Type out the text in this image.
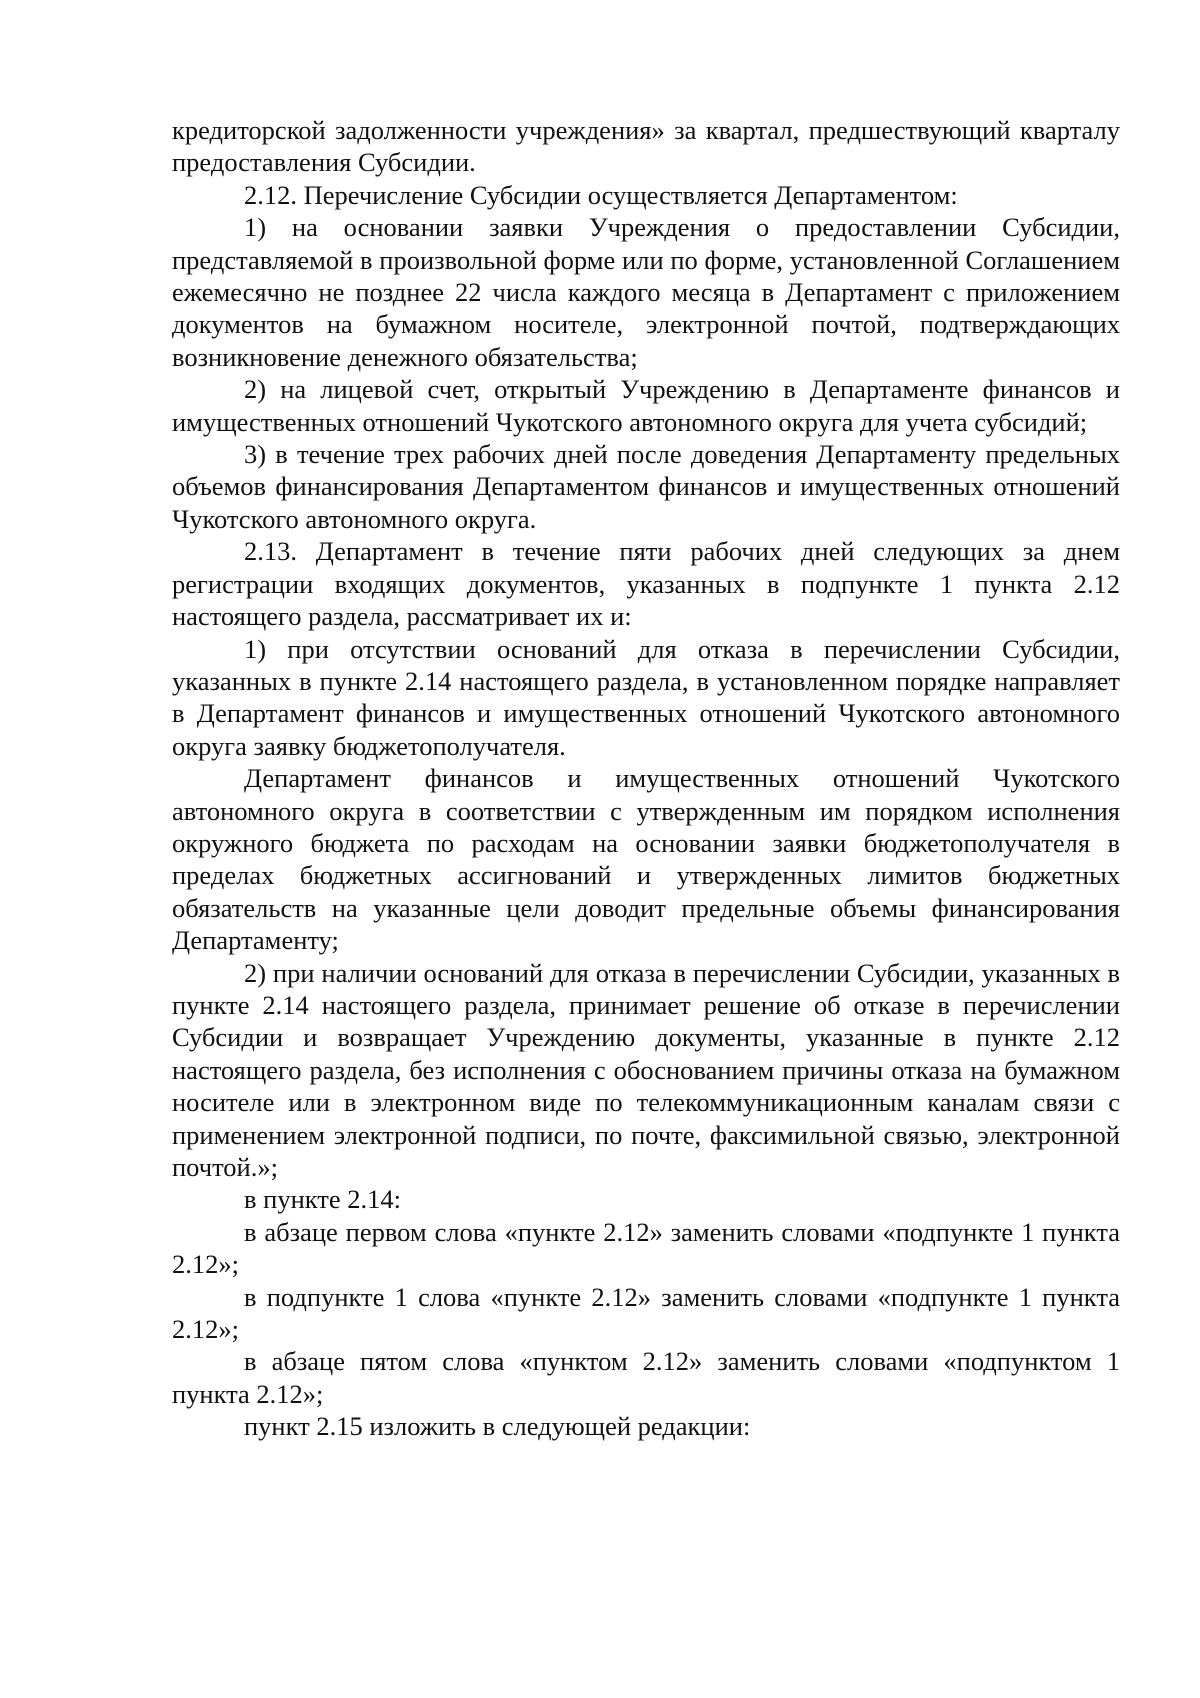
кредиторской задолженности учреждения» за квартал, предшествующий кварталу предоставления Субсидии.

2.12. Перечисление Субсидии осуществляется Департаментом:

1) на основании заявки Учреждения о предоставлении Субсидии, представляемой в произвольной форме или по форме, установленной Соглашением ежемесячно не позднее 22 числа каждого месяца в Департамент с приложением документов на бумажном носителе, электронной почтой, подтверждающих возникновение денежного обязательства;

2) на лицевой счет, открытый Учреждению в Департаменте финансов и имущественных отношений Чукотского автономного округа для учета субсидий;

3) в течение трех рабочих дней после доведения Департаменту предельных объемов финансирования Департаментом финансов и имущественных отношений Чукотского автономного округа.

2.13. Департамент в течение пяти рабочих дней следующих за днем регистрации входящих документов, указанных в подпункте 1 пункта 2.12 настоящего раздела, рассматривает их и:

1) при отсутствии оснований для отказа в перечислении Субсидии, указанных в пункте 2.14 настоящего раздела, в установленном порядке направляет в Департамент финансов и имущественных отношений Чукотского автономного округа заявку бюджетополучателя.

Департамент финансов и имущественных отношений Чукотского автономного округа в соответствии с утвержденным им порядком исполнения окружного бюджета по расходам на основании заявки бюджетополучателя в пределах бюджетных ассигнований и утвержденных лимитов бюджетных обязательств на указанные цели доводит предельные объемы финансирования Департаменту;

2) при наличии оснований для отказа в перечислении Субсидии, указанных в пункте 2.14 настоящего раздела, принимает решение об отказе в перечислении Субсидии и возвращает Учреждению документы, указанные в пункте 2.12 настоящего раздела, без исполнения с обоснованием причины отказа на бумажном носителе или в электронном виде по телекоммуникационным каналам связи с применением электронной подписи, по почте, факсимильной связью, электронной почтой.»;

в пункте 2.14:

в абзаце первом слова «пункте 2.12» заменить словами «подпункте 1 пункта 2.12»;

в подпункте 1 слова «пункте 2.12» заменить словами «подпункте 1 пункта 2.12»;

в абзаце пятом слова «пунктом 2.12» заменить словами «подпунктом 1 пункта 2.12»;

пункт 2.15 изложить в следующей редакции:
